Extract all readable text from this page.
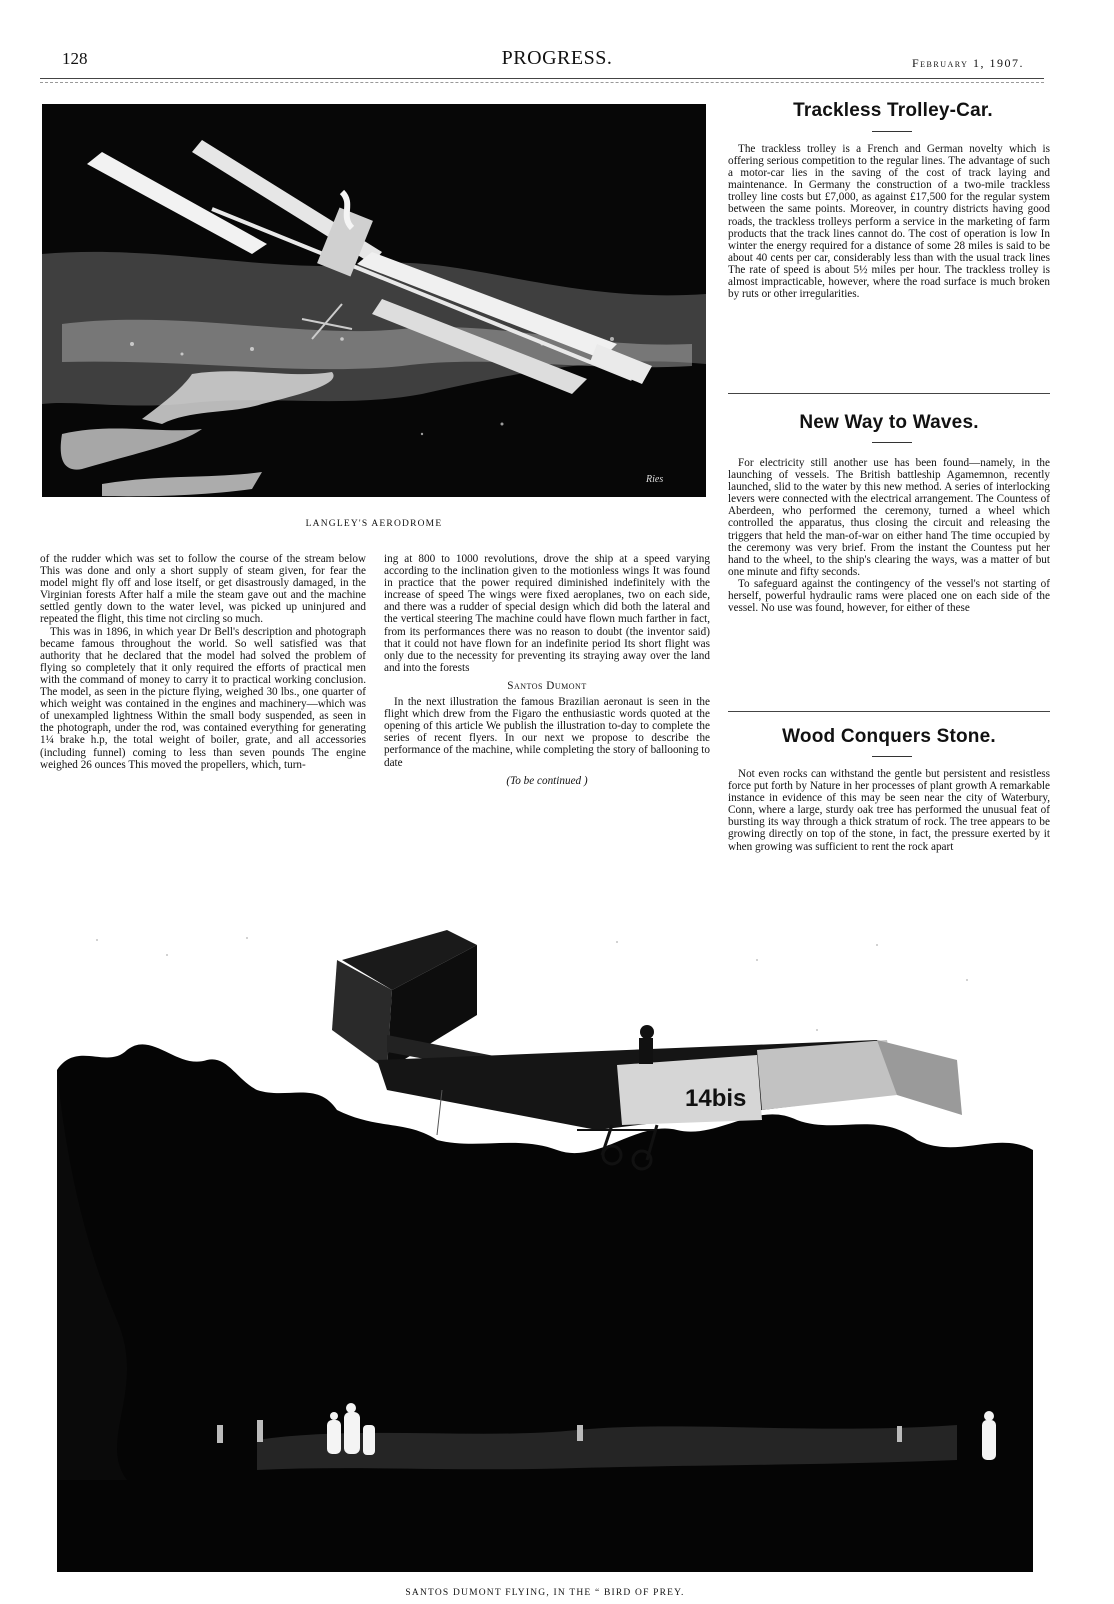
128	PROGRESS.	February 1, 1907.
Ries
LANGLEY'S AERODROME

of the rudder which was set to follow the course of the stream below This was done and only a short supply of steam given, for fear the model might fly off and lose itself, or get disastrously damaged, in the Virginian forests After half a mile the steam gave out and the machine settled gently down to the water level, was picked up uninjured and repeated the flight, this time not circling so much.

This was in 1896, in which year Dr Bell's description and photograph became famous throughout the world. So well satisfied was that authority that he declared that the model had solved the problem of flying so completely that it only required the efforts of practical men with the command of money to carry it to practical working conclusion. The model, as seen in the picture flying, weighed 30 lbs., one quarter of which weight was contained in the engines and machinery—which was of unexampled lightness Within the small body suspended, as seen in the photograph, under the rod, was contained everything for generating 1¼ brake h.p, the total weight of boiler, grate, and all accessories (including funnel) coming to less than seven pounds The engine weighed 26 ounces This moved the propellers, which, turn-

ing at 800 to 1000 revolutions, drove the ship at a speed varying according to the inclination given to the motionless wings It was found in practice that the power required diminished indefinitely with the increase of speed The wings were fixed aeroplanes, two on each side, and there was a rudder of special design which did both the lateral and the vertical steering The machine could have flown much farther in fact, from its performances there was no reason to doubt (the inventor said) that it could not have flown for an indefinite period Its short flight was only due to the necessity for preventing its straying away over the land and into the forests

Santos Dumont

In the next illustration the famous Brazilian aeronaut is seen in the flight which drew from the Figaro the enthusiastic words quoted at the opening of this article We publish the illustration to-day to complete the series of recent flyers. In our next we propose to describe the performance of the machine, while completing the story of ballooning to date

(To be continued )

Trackless Trolley-Car.

The trackless trolley is a French and German novelty which is offering serious competition to the regular lines. The advantage of such a motor-car lies in the saving of the cost of track laying and maintenance. In Germany the construction of a two-mile trackless trolley line costs but £7,000, as against £17,500 for the regular system between the same points. Moreover, in country districts having good roads, the trackless trolleys perform a service in the marketing of farm products that the track lines cannot do. The cost of operation is low In winter the energy required for a distance of some 28 miles is said to be about 40 cents per car, considerably less than with the usual track lines The rate of speed is about 5½ miles per hour. The trackless trolley is almost impracticable, however, where the road surface is much broken by ruts or other irregularities.

New Way to Waves.

For electricity still another use has been found—namely, in the launching of vessels. The British battleship Agamemnon, recently launched, slid to the water by this new method. A series of interlocking levers were connected with the electrical arrangement. The Countess of Aberdeen, who performed the ceremony, turned a wheel which controlled the apparatus, thus closing the circuit and releasing the triggers that held the man-of-war on either hand The time occupied by the ceremony was very brief. From the instant the Countess put her hand to the wheel, to the ship's clearing the ways, was a matter of but one minute and fifty seconds.

To safeguard against the contingency of the vessel's not starting of herself, powerful hydraulic rams were placed one on each side of the vessel. No use was found, however, for either of these

Wood Conquers Stone.

Not even rocks can withstand the gentle but persistent and resistless force put forth by Nature in her processes of plant growth A remarkable instance in evidence of this may be seen near the city of Waterbury, Conn, where a large, sturdy oak tree has performed the unusual feat of bursting its way through a thick stratum of rock. The tree appears to be growing directly on top of the stone, in fact, the pressure exerted by it when growing was sufficient to rent the rock apart

14bis
SANTOS DUMONT FLYING, IN THE “ BIRD OF PREY.
